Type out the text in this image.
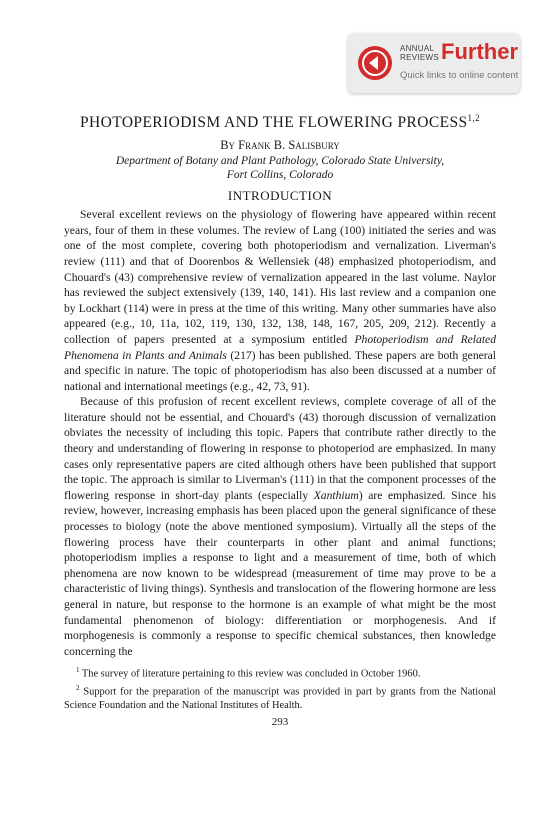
ANNUAL
REVIEWS Further
Quick links to online content
PHOTOPERIODISM AND THE FLOWERING PROCESS$^{1,2}$
By Frank B. Salisbury
Department of Botany and Plant Pathology, Colorado State University,
Fort Collins, Colorado
INTRODUCTION

Several excellent reviews on the physiology of flowering have appeared within recent years, four of them in these volumes. The review of Lang (100) initiated the series and was one of the most complete, covering both photoperiodism and vernalization. Liverman's review (111) and that of Doorenbos & Wellensiek (48) emphasized photoperiodism, and Chouard's (43) comprehensive review of vernalization appeared in the last volume. Naylor has reviewed the subject extensively (139, 140, 141). His last review and a companion one by Lockhart (114) were in press at the time of this writing. Many other summaries have also appeared (e.g., 10, 11a, 102, 119, 130, 132, 138, 148, 167, 205, 209, 212). Recently a collection of papers presented at a symposium entitled Photoperiodism and Related Phenomena in Plants and Animals (217) has been published. These papers are both general and specific in nature. The topic of photoperiodism has also been discussed at a number of national and international meetings (e.g., 42, 73, 91).

Because of this profusion of recent excellent reviews, complete coverage of all of the literature should not be essential, and Chouard's (43) thorough discussion of vernalization obviates the necessity of including this topic. Papers that contribute rather directly to the theory and understanding of flowering in response to photoperiod are emphasized. In many cases only representative papers are cited although others have been published that support the topic. The approach is similar to Liverman's (111) in that the component processes of the flowering response in short-day plants (especially Xanthium) are emphasized. Since his review, however, increasing emphasis has been placed upon the general significance of these processes to biology (note the above mentioned symposium). Virtually all the steps of the flowering process have their counterparts in other plant and animal functions; photoperiodism implies a response to light and a measurement of time, both of which phenomena are now known to be widespread (measurement of time may prove to be a characteristic of living things). Synthesis and translocation of the flowering hormone are less general in nature, but response to the hormone is an example of what might be the most fundamental phenomenon of biology: differentiation or morphogenesis. And if morphogenesis is commonly a response to specific chemical substances, then knowledge concerning the

$^1$ The survey of literature pertaining to this review was concluded in October 1960.

$^2$ Support for the preparation of the manuscript was provided in part by grants from the National Science Foundation and the National Institutes of Health.

293
